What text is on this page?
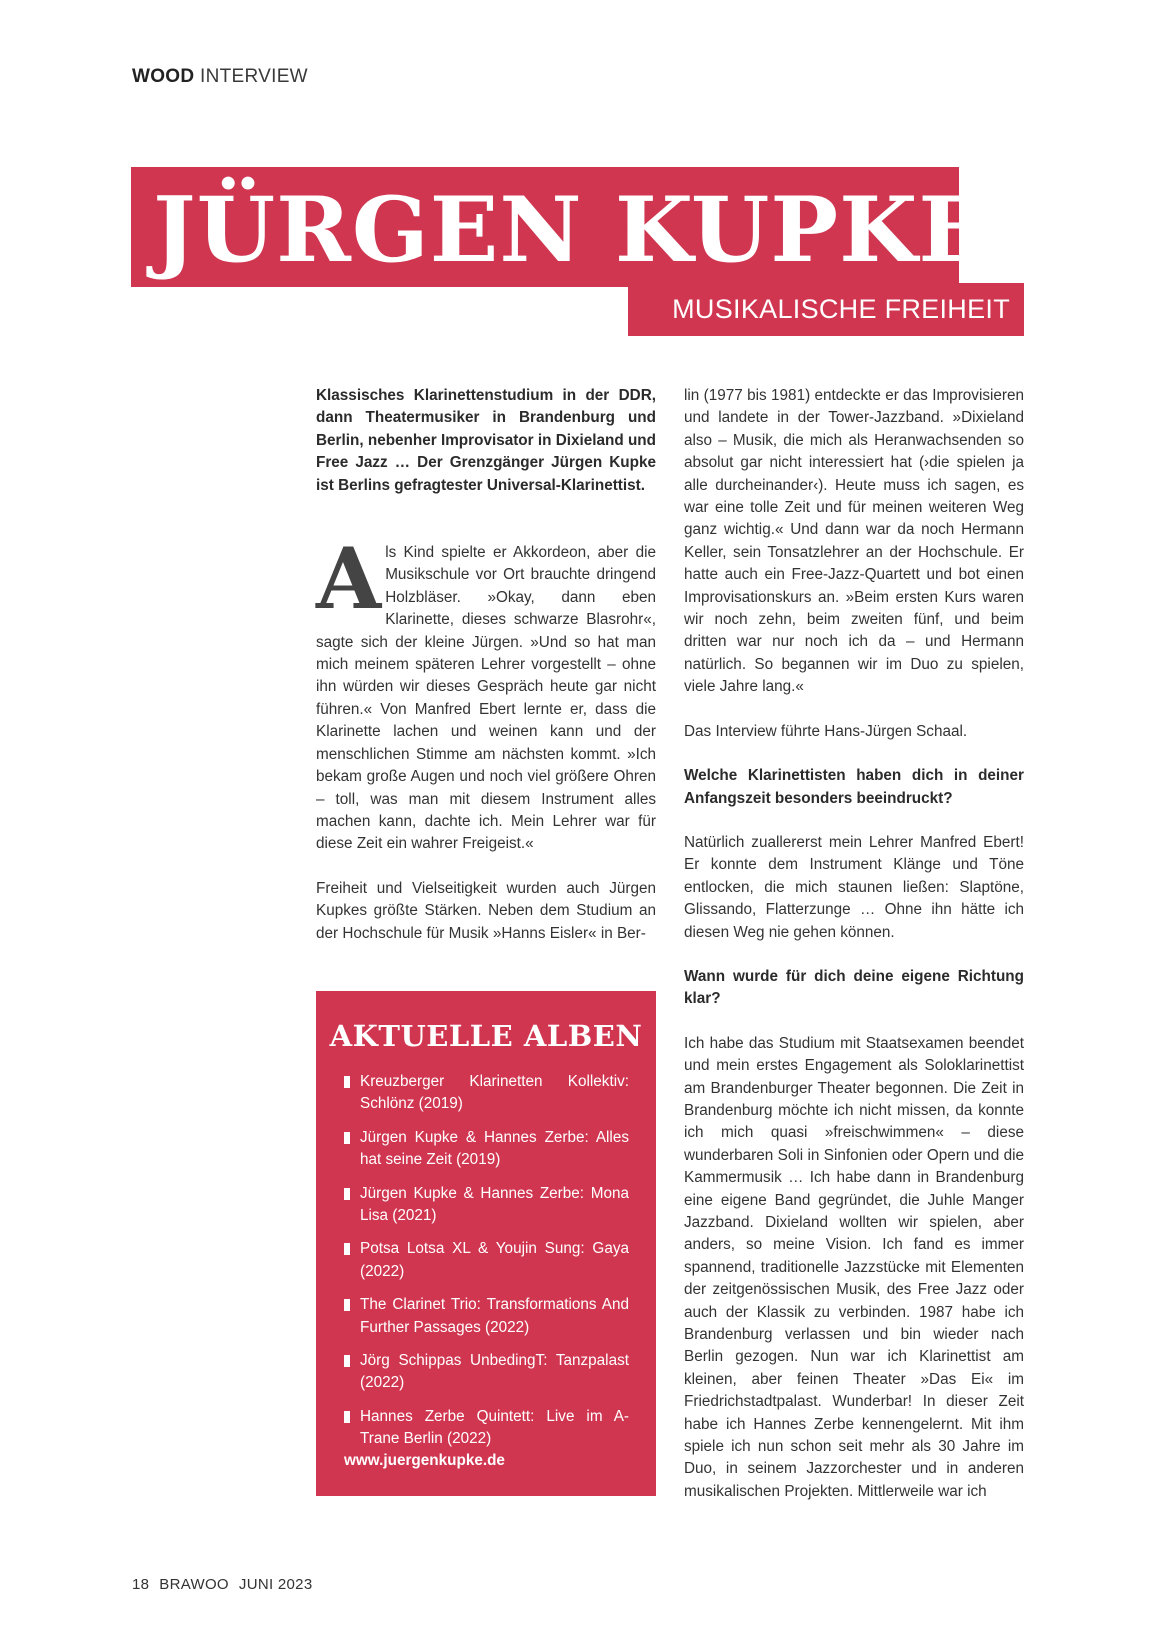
WOOD INTERVIEW
JÜRGEN KUPKE
MUSIKALISCHE FREIHEIT

Klassisches Klarinettenstudium in der DDR, dann Theatermusiker in Brandenburg und Berlin, nebenher Improvisator in Dixieland und Free Jazz … Der Grenzgänger Jürgen Kupke ist Berlins gefragtester Universal-Klarinettist.

Als Kind spielte er Akkordeon, aber die Musikschule vor Ort brauchte dringend Holzbläser. »Okay, dann eben Klarinette, dieses schwarze Blasrohr«, sagte sich der kleine Jürgen. »Und so hat man mich meinem späteren Lehrer vorgestellt – ohne ihn würden wir dieses Gespräch heute gar nicht führen.« Von Manfred Ebert lernte er, dass die Klarinette lachen und weinen kann und der menschlichen Stimme am nächsten kommt. »Ich bekam große Augen und noch viel größere Ohren – toll, was man mit diesem Instrument alles machen kann, dachte ich. Mein Lehrer war für diese Zeit ein wahrer Freigeist.«

Freiheit und Vielseitigkeit wurden auch Jürgen Kupkes größte Stärken. Neben dem Studium an der Hochschule für Musik »Hanns Eisler« in Ber-

AKTUELLE ALBEN
Kreuzberger Klarinetten Kollektiv: Schlönz (2019)
Jürgen Kupke & Hannes Zerbe: Alles hat seine Zeit (2019)
Jürgen Kupke & Hannes Zerbe: Mona Lisa (2021)
Potsa Lotsa XL & Youjin Sung: Gaya (2022)
The Clarinet Trio: Transformations And Further Passages (2022)
Jörg Schippas UnbedingT: Tanzpalast (2022)
Hannes Zerbe Quintett: Live im A-Trane Berlin (2022)
www.juergenkupke.de

lin (1977 bis 1981) entdeckte er das Improvisieren und landete in der Tower-Jazzband. »Dixieland also – Musik, die mich als Heranwachsenden so absolut gar nicht interessiert hat (›die spielen ja alle durcheinander‹). Heute muss ich sagen, es war eine tolle Zeit und für meinen weiteren Weg ganz wichtig.« Und dann war da noch Hermann Keller, sein Tonsatzlehrer an der Hochschule. Er hatte auch ein Free-Jazz-Quartett und bot einen Improvisationskurs an. »Beim ersten Kurs waren wir noch zehn, beim zweiten fünf, und beim dritten war nur noch ich da – und Hermann natürlich. So begannen wir im Duo zu spielen, viele Jahre lang.«

Das Interview führte Hans-Jürgen Schaal.

Welche Klarinettisten haben dich in deiner Anfangszeit besonders beeindruckt?

Natürlich zuallererst mein Lehrer Manfred Ebert! Er konnte dem Instrument Klänge und Töne entlocken, die mich staunen ließen: Slaptöne, Glissando, Flatterzunge … Ohne ihn hätte ich diesen Weg nie gehen können.

Wann wurde für dich deine eigene Richtung klar?

Ich habe das Studium mit Staatsexamen beendet und mein erstes Engagement als Soloklarinettist am Brandenburger Theater begonnen. Die Zeit in Brandenburg möchte ich nicht missen, da konnte ich mich quasi »freischwimmen« – diese wunderbaren Soli in Sinfonien oder Opern und die Kammermusik … Ich habe dann in Brandenburg eine eigene Band gegründet, die Juhle Manger Jazzband. Dixieland wollten wir spielen, aber anders, so meine Vision. Ich fand es immer spannend, traditionelle Jazzstücke mit Elementen der zeitgenössischen Musik, des Free Jazz oder auch der Klassik zu verbinden. 1987 habe ich Brandenburg verlassen und bin wieder nach Berlin gezogen. Nun war ich Klarinettist am kleinen, aber feinen Theater »Das Ei« im Friedrichstadtpalast. Wunderbar! In dieser Zeit habe ich Hannes Zerbe kennengelernt. Mit ihm spiele ich nun schon seit mehr als 30 Jahre im Duo, in seinem Jazzorchester und in anderen musikalischen Projekten. Mittlerweile war ich

18 BRAWOO JUNI 2023
